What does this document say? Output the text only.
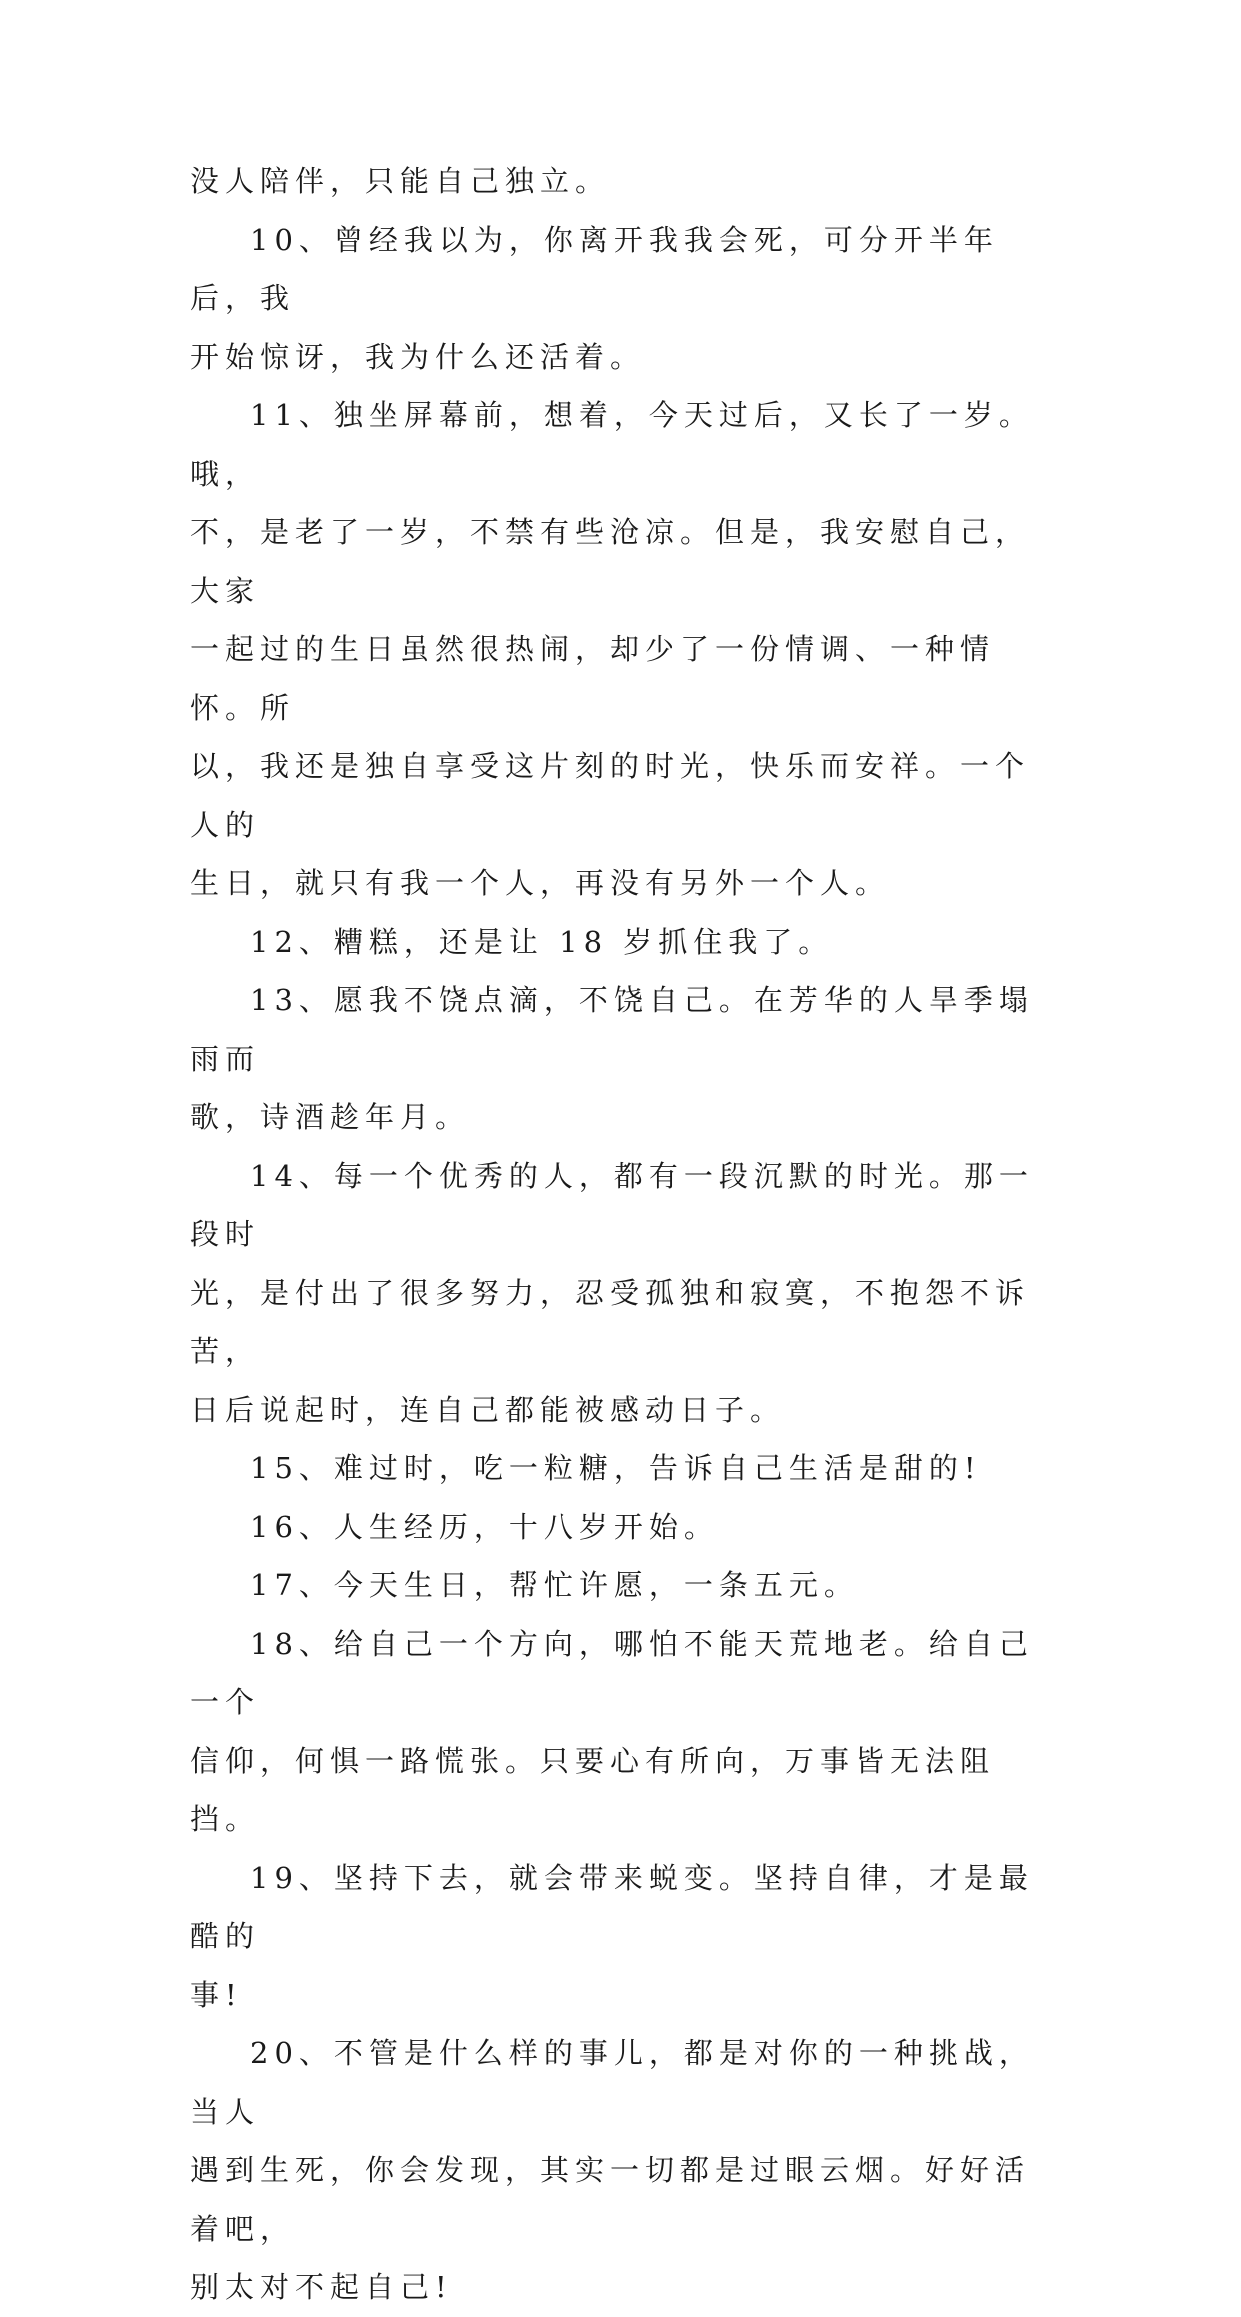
没人陪伴，只能自己独立。

10、曾经我以为，你离开我我会死，可分开半年后，我
开始惊讶，我为什么还活着。

11、独坐屏幕前，想着，今天过后，又长了一岁。哦，
不，是老了一岁，不禁有些沧凉。但是，我安慰自己，大家
一起过的生日虽然很热闹，却少了一份情调、一种情怀。所
以，我还是独自享受这片刻的时光，快乐而安祥。一个人的
生日，就只有我一个人，再没有另外一个人。

12、糟糕，还是让 18 岁抓住我了。

13、愿我不饶点滴，不饶自己。在芳华的人旱季塌雨而
歌，诗酒趁年月。

14、每一个优秀的人，都有一段沉默的时光。那一段时
光，是付出了很多努力，忍受孤独和寂寞，不抱怨不诉苦，
日后说起时，连自己都能被感动日子。

15、难过时，吃一粒糖，告诉自己生活是甜的!

16、人生经历，十八岁开始。

17、今天生日，帮忙许愿，一条五元。

18、给自己一个方向，哪怕不能天荒地老。给自己一个
信仰，何惧一路慌张。只要心有所向，万事皆无法阻挡。

19、坚持下去，就会带来蜕变。坚持自律，才是最酷的
事!

20、不管是什么样的事儿，都是对你的一种挑战，当人
遇到生死，你会发现，其实一切都是过眼云烟。好好活着吧，
别太对不起自己!
